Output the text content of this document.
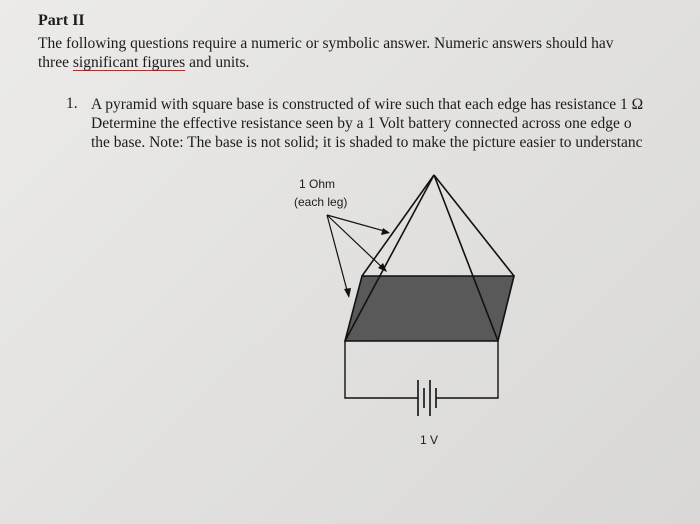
Part II
The following questions require a numeric or symbolic answer. Numeric answers should hav
three significant figures and units.
1. A pyramid with square base is constructed of wire such that each edge has resistance 1 Ω
Determine the effective resistance seen by a 1 Volt battery connected across one edge o
the base. Note: The base is not solid; it is shaded to make the picture easier to understanc
1 Ohm
(each leg)
1 V
